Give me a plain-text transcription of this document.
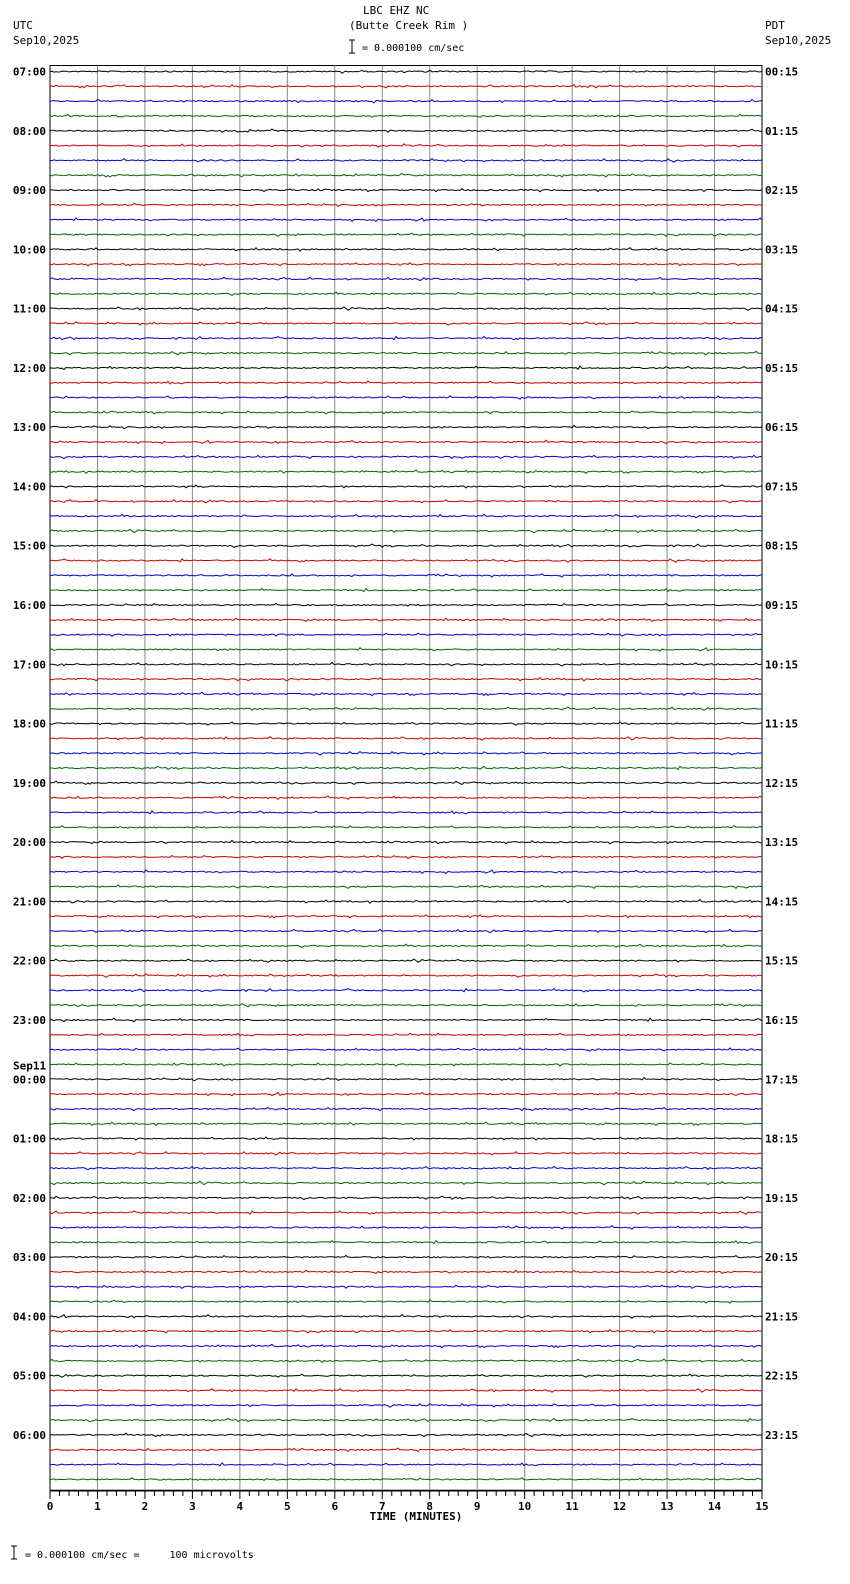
UTC
Sep10,2025
PDT
Sep10,2025
LBC EHZ NC
(Butte Creek Rim )
= 0.000100 cm/sec
07:00	00:15
08:00	01:15
09:00	02:15
10:00	03:15
11:00	04:15
12:00	05:15
13:00	06:15
14:00	07:15
15:00	08:15
16:00	09:15
17:00	10:15
18:00	11:15
19:00	12:15
20:00	13:15
21:00	14:15
22:00	15:15
23:00	16:15
00:00	17:15
01:00	18:15
02:00	19:15
03:00	20:15
04:00	21:15
05:00	22:15
06:00	23:15
Sep11
0	1	2	3	4	5	6	7	8	9	10	11	12	13	14	15
TIME (MINUTES)
= 0.000100 cm/sec =     100 microvolts
